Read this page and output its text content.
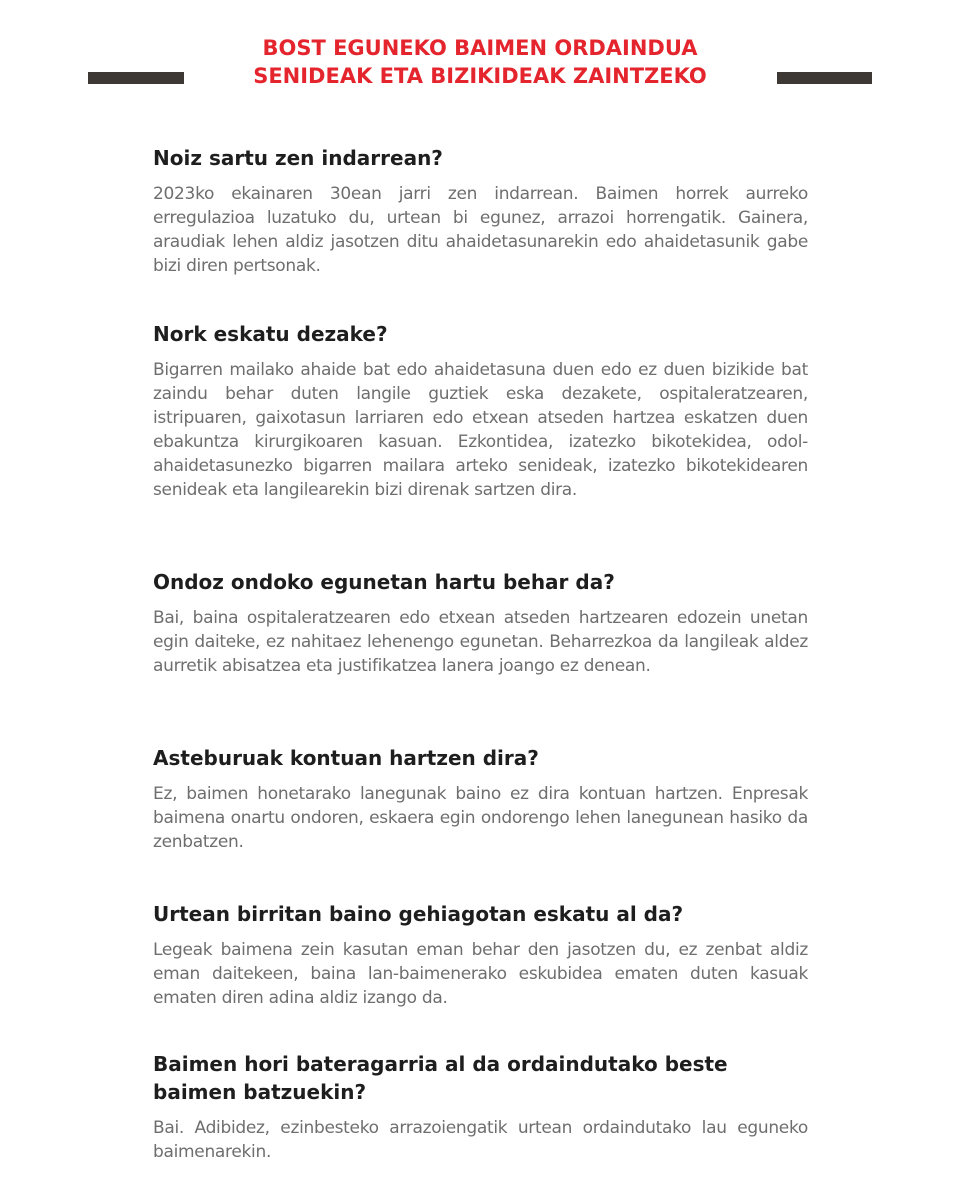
BOST EGUNEKO BAIMEN ORDAINDUA
SENIDEAK ETA BIZIKIDEAK ZAINTZEKO
Noiz sartu zen indarrean?

2023ko ekainaren 30ean jarri zen indarrean. Baimen horrek aurreko erregulazioa luzatuko du, urtean bi egunez, arrazoi horrengatik. Gainera, araudiak lehen aldiz jasotzen ditu ahaidetasunarekin edo ahaidetasunik gabe bizi diren pertsonak.

Nork eskatu dezake?

Bigarren mailako ahaide bat edo ahaidetasuna duen edo ez duen bizikide bat zaindu behar duten langile guztiek eska dezakete, ospitaleratzearen, istripuaren, gaixotasun larriaren edo etxean atseden hartzea eskatzen duen ebakuntza kirurgikoaren kasuan. Ezkontidea, izatezko bikotekidea, odol-ahaidetasunezko bigarren mailara arteko senideak, izatezko bikotekidearen senideak eta langilearekin bizi direnak sartzen dira.

Ondoz ondoko egunetan hartu behar da?

Bai, baina ospitaleratzearen edo etxean atseden hartzearen edozein unetan egin daiteke, ez nahitaez lehenengo egunetan. Beharrezkoa da langileak aldez aurretik abisatzea eta justifikatzea lanera joango ez denean.

Asteburuak kontuan hartzen dira?

Ez, baimen honetarako lanegunak baino ez dira kontuan hartzen. Enpresak baimena onartu ondoren, eskaera egin ondorengo lehen lanegunean hasiko da zenbatzen.

Urtean birritan baino gehiagotan eskatu al da?

Legeak baimena zein kasutan eman behar den jasotzen du, ez zenbat aldiz eman daitekeen, baina lan-baimenerako eskubidea ematen duten kasuak ematen diren adina aldiz izango da.

Baimen hori bateragarria al da ordaindutako beste baimen batzuekin?

Bai. Adibidez, ezinbesteko arrazoiengatik urtean ordaindutako lau eguneko baimenarekin.
